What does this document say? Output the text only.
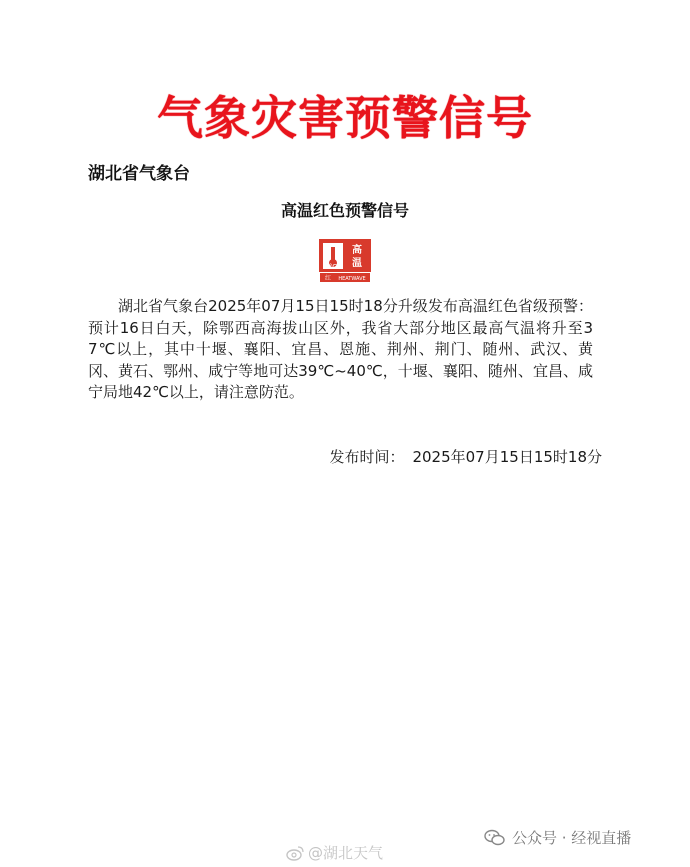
气象灾害预警信号
湖北省气象台
高温红色预警信号
°C
高
温
红 HEATWAVE
湖北省气象台2025年07月15日15时18分升级发布高温红色省级预警：预计16日白天，除鄂西高海拔山区外，我省大部分地区最高气温将升至37℃以上，其中十堰、襄阳、宜昌、恩施、荆州、荆门、随州、武汉、黄冈、黄石、鄂州、咸宁等地可达39℃~40℃，十堰、襄阳、随州、宜昌、咸宁局地42℃以上，请注意防范。
发布时间： 2025年07月15日15时18分
@湖北天气
公众号 · 经视直播
